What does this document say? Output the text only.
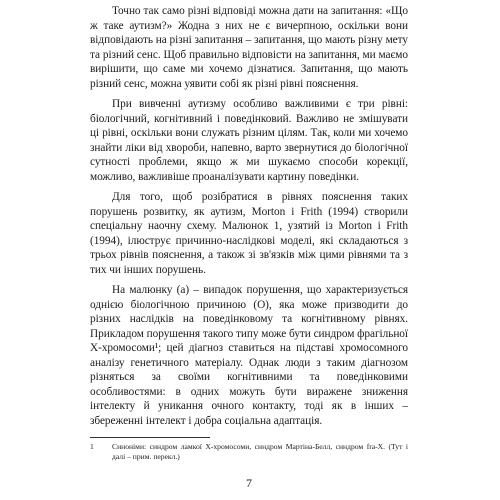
Точно так само різні відповіді можна дати на запитання: «Що ж таке аутизм?» Жодна з них не є вичерпною, оскільки вони відповідають на різні запитання – запитання, що мають різну мету та різний сенс. Щоб правильно відповісти на запитання, ми маємо вирішити, що саме ми хочемо дізнатися. Запитання, що мають різний сенс, можна уявити собі як різні рівні пояснення.

При вивченні аутизму особливо важливими є три рівні: біологічний, когнітивний і поведінковий. Важливо не змішувати ці рівні, оскільки вони служать різним цілям. Так, коли ми хочемо знайти ліки від хвороби, напевно, варто звернутися до біологічної сутності проблеми, якщо ж ми шукаємо способи корекції, можливо, важливіше проаналізувати картину поведінки.

Для того, щоб розібратися в рівнях пояснення таких порушень розвитку, як аутизм, Morton і Frith (1994) створили спеціальну наочну схему. Малюнок 1, узятий із Morton і Frith (1994), ілюструє причинно-наслідкові моделі, які складаються з трьох рівнів пояснення, а також зі зв'язків між цими рівнями та з тих чи інших порушень.

На малюнку (а) – випадок порушення, що характеризується однією біологічною причиною (О), яка може призводити до різних наслідків на поведінковому та когнітивному рівнях. Прикладом порушення такого типу може бути синдром фрагільної Х-хромосоми¹; цей діагноз ставиться на підставі хромосомного аналізу генетичного матеріалу. Однак люди з таким діагнозом різняться за своїми когнітивними та поведінковими особливостями: в одних можуть бути виражене зниження інтелекту й уникання очного контакту, тоді як в інших – збереженні інтелект і добра соціальна адаптація.

1	Синоніми: синдром ламкої Х-хромосоми, синдром Мартіна-Белл, синдром fra-X. (Тут і далі – прим. перекл.)
7
